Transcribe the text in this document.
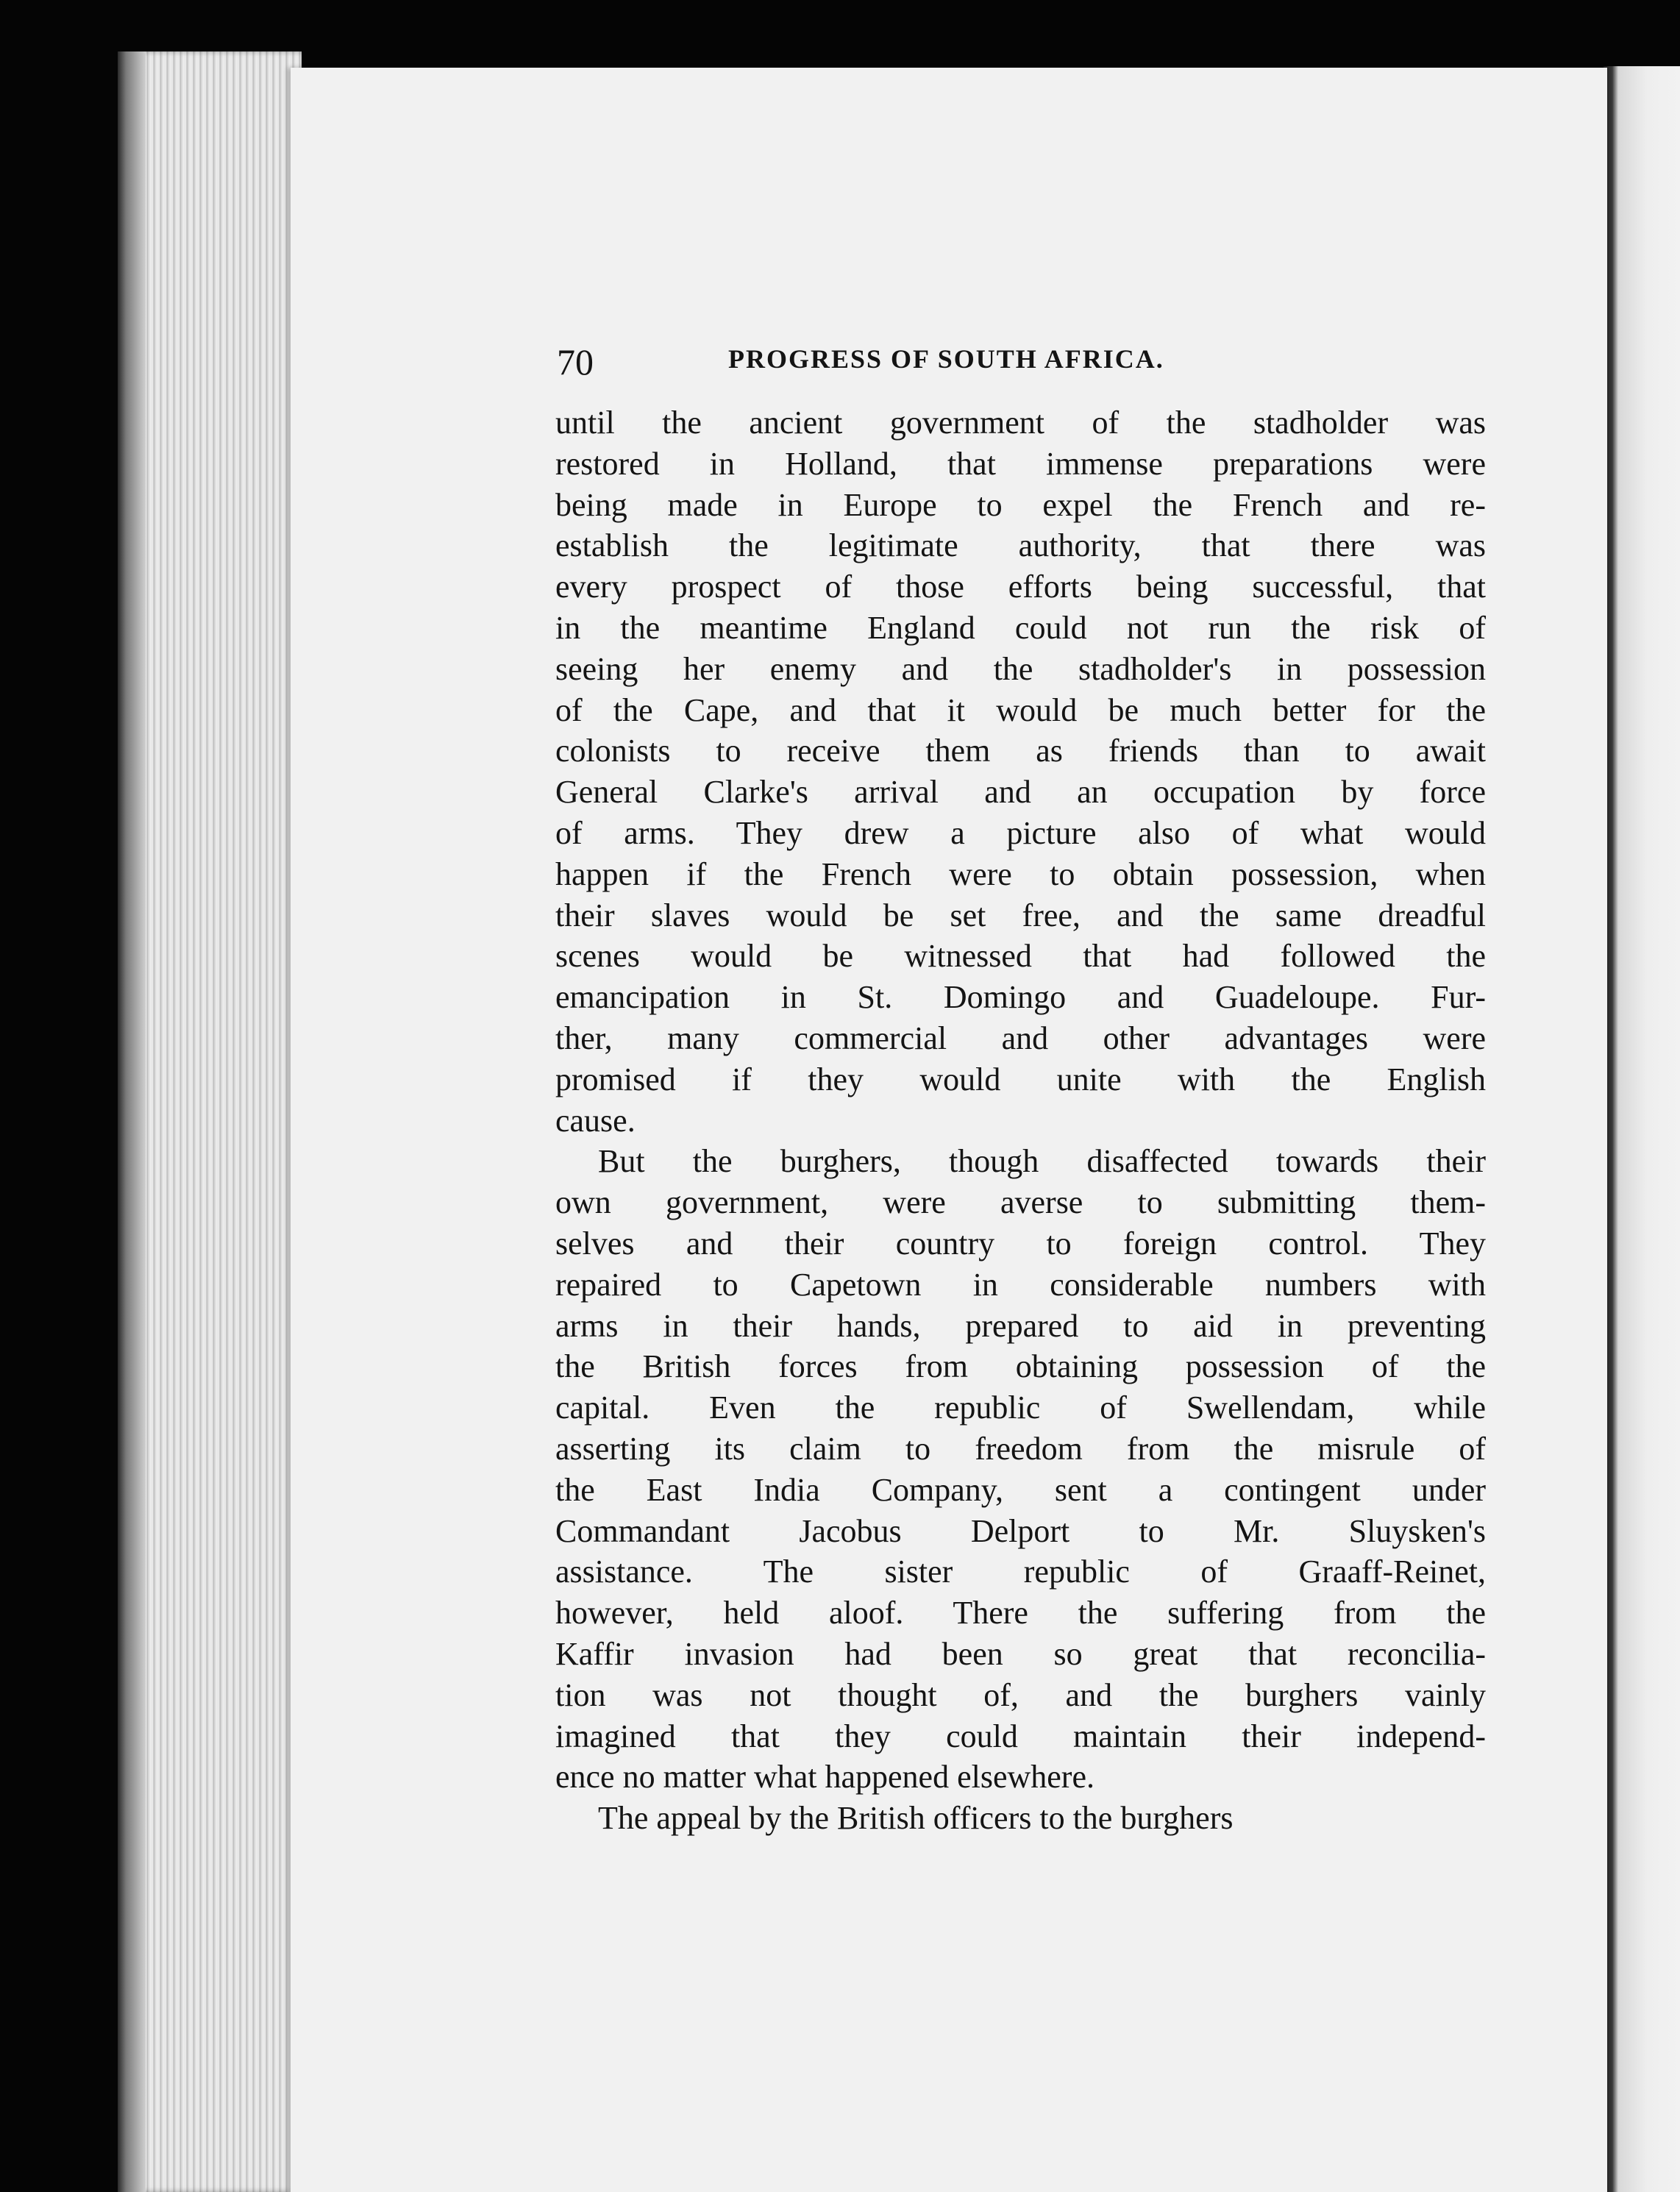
70	PROGRESS OF SOUTH AFRICA.

until the ancient government of the stadholder was
restored in Holland, that immense preparations were
being made in Europe to expel the French and re-
establish the legitimate authority, that there was
every prospect of those efforts being successful, that
in the meantime England could not run the risk of
seeing her enemy and the stadholder's in possession
of the Cape, and that it would be much better for the
colonists to receive them as friends than to await
General Clarke's arrival and an occupation by force
of arms. They drew a picture also of what would
happen if the French were to obtain possession, when
their slaves would be set free, and the same dreadful
scenes would be witnessed that had followed the
emancipation in St. Domingo and Guadeloupe. Fur-
ther, many commercial and other advantages were
promised if they would unite with the English
cause.

But the burghers, though disaffected towards their
own government, were averse to submitting them-
selves and their country to foreign control. They
repaired to Capetown in considerable numbers with
arms in their hands, prepared to aid in preventing
the British forces from obtaining possession of the
capital. Even the republic of Swellendam, while
asserting its claim to freedom from the misrule of
the East India Company, sent a contingent under
Commandant Jacobus Delport to Mr. Sluysken's
assistance. The sister republic of Graaff-Reinet,
however, held aloof. There the suffering from the
Kaffir invasion had been so great that reconcilia-
tion was not thought of, and the burghers vainly
imagined that they could maintain their independ-
ence no matter what happened elsewhere.

The appeal by the British officers to the burghers
